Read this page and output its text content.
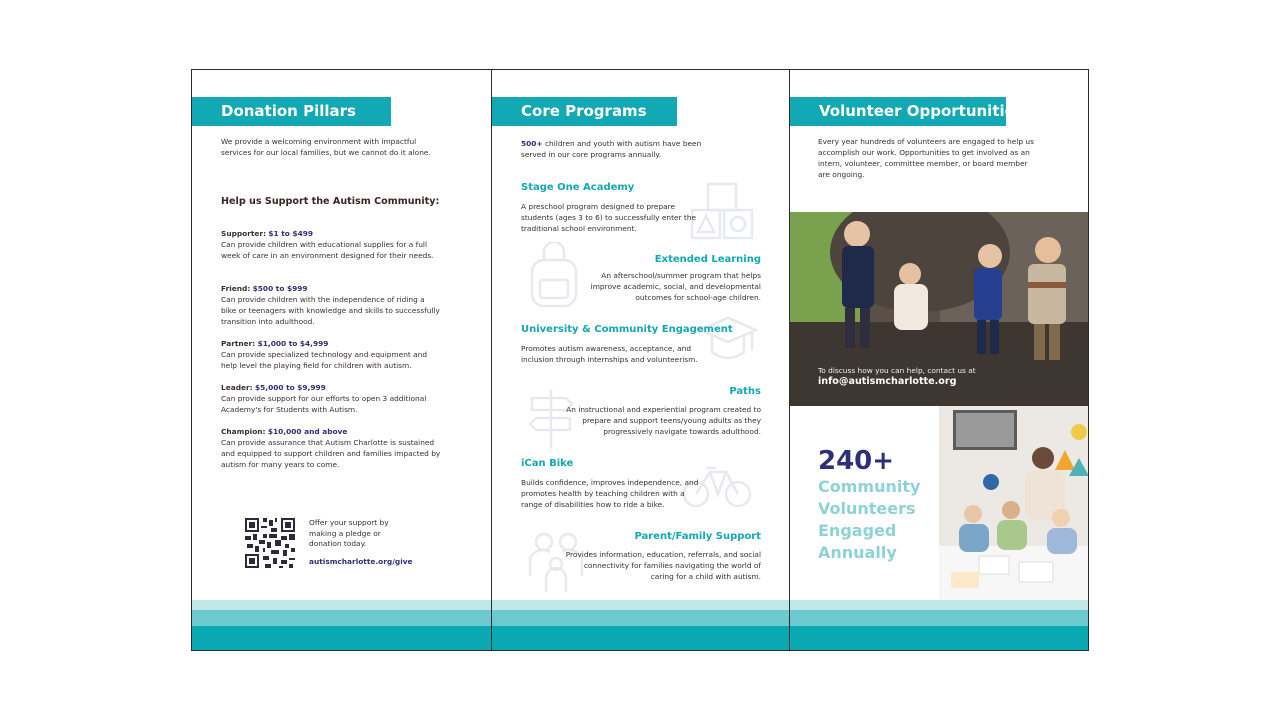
Donation Pillars
We provide a welcoming environment with impactful services for our local families, but we cannot do it alone.
Help us Support the Autism Community:
Supporter: $1 to $499
Can provide children with educational supplies for a full week of care in an environment designed for their needs.
Friend: $500 to $999
Can provide children with the independence of riding a bike or teenagers with knowledge and skills to successfully transition into adulthood.
Partner: $1,000 to $4,999
Can provide specialized technology and equipment and help level the playing field for children with autism.
Leader: $5,000 to $9,999
Can provide support for our efforts to open 3 additional Academy's for Students with Autism.
Champion: $10,000 and above
Can provide assurance that Autism Charlotte is sustained and equipped to support children and families impacted by autism for many years to come.
Offer your support by making a pledge or donation today.
autismcharlotte.org/give
Core Programs
500+ children and youth with autism have been served in our core programs annually.
Stage One Academy
A preschool program designed to prepare students (ages 3 to 6) to successfully enter the traditional school environment.
Extended Learning
An afterschool/summer program that helps improve academic, social, and developmental outcomes for school-age children.
University & Community Engagement
Promotes autism awareness, acceptance, and inclusion through internships and volunteerism.
Paths
An instructional and experiential program created to prepare and support teens/young adults as they progressively navigate towards adulthood.
iCan Bike
Builds confidence, improves independence, and promotes health by teaching children with a range of disabilities how to ride a bike.
Parent/Family Support
Provides information, education, referrals, and social connectivity for families navigating the world of caring for a child with autism.
Volunteer Opportunities
Every year hundreds of volunteers are engaged to help us accomplish our work. Opportunities to get involved as an intern, volunteer, committee member, or board member are ongoing.
To discuss how you can help, contact us at
info@autismcharlotte.org
240+
Community
Volunteers
Engaged
Annually
